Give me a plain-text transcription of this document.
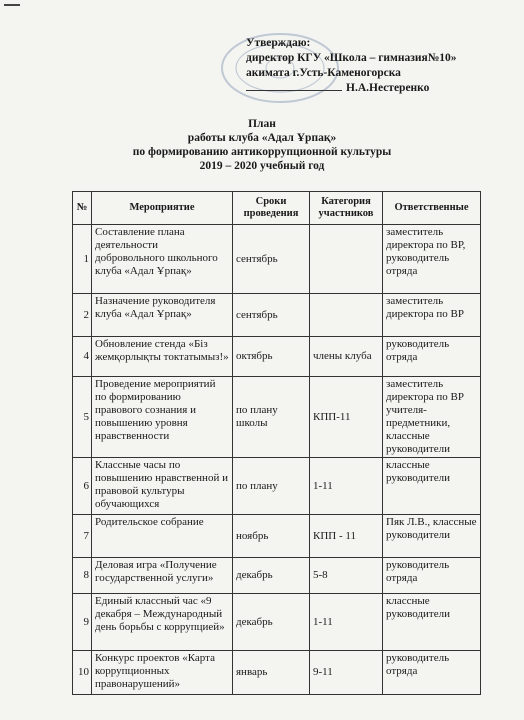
Утверждаю:
директор КГУ «Школа – гимназия№10»
акимата г.Усть-Каменогорска
Н.А.Нестеренко
План
работы клуба «Адал Ұрпақ»
по формированию антикоррупционной культуры
2019 – 2020 учебный год
№	Мероприятие	Сроки проведения	Категория участников	Ответственные
1	Составление плана деятельности добровольного школьного клуба «Адал Ұрпақ»	сентябрь		заместитель директора по ВР, руководитель отряда
2	Назначение руководителя клуба «Адал Ұрпақ»	сентябрь		заместитель директора по ВР
4	Обновление стенда «Біз жемқорлықты токтатымыз!»	октябрь	члены клуба	руководитель отряда
5	Проведение мероприятий по формированию правового сознания и повышению уровня нравственности	по плану школы	КПП-11	заместитель директора по ВР учителя-предметники, классные руководители
6	Классные часы по повышению нравственной и правовой культуры обучающихся	по плану	1-11	классные руководители
7	Родительское собрание	ноябрь	КПП - 11	Пяк Л.В., классные руководители
8	Деловая игра «Получение государственной услуги»	декабрь	5-8	руководитель отряда
9	Единый классный час «9 декабря – Международный день борьбы с коррупцией»	декабрь	1-11	классные руководители
10	Конкурс проектов «Карта коррупционных правонарушений»	январь	9-11	руководитель отряда
